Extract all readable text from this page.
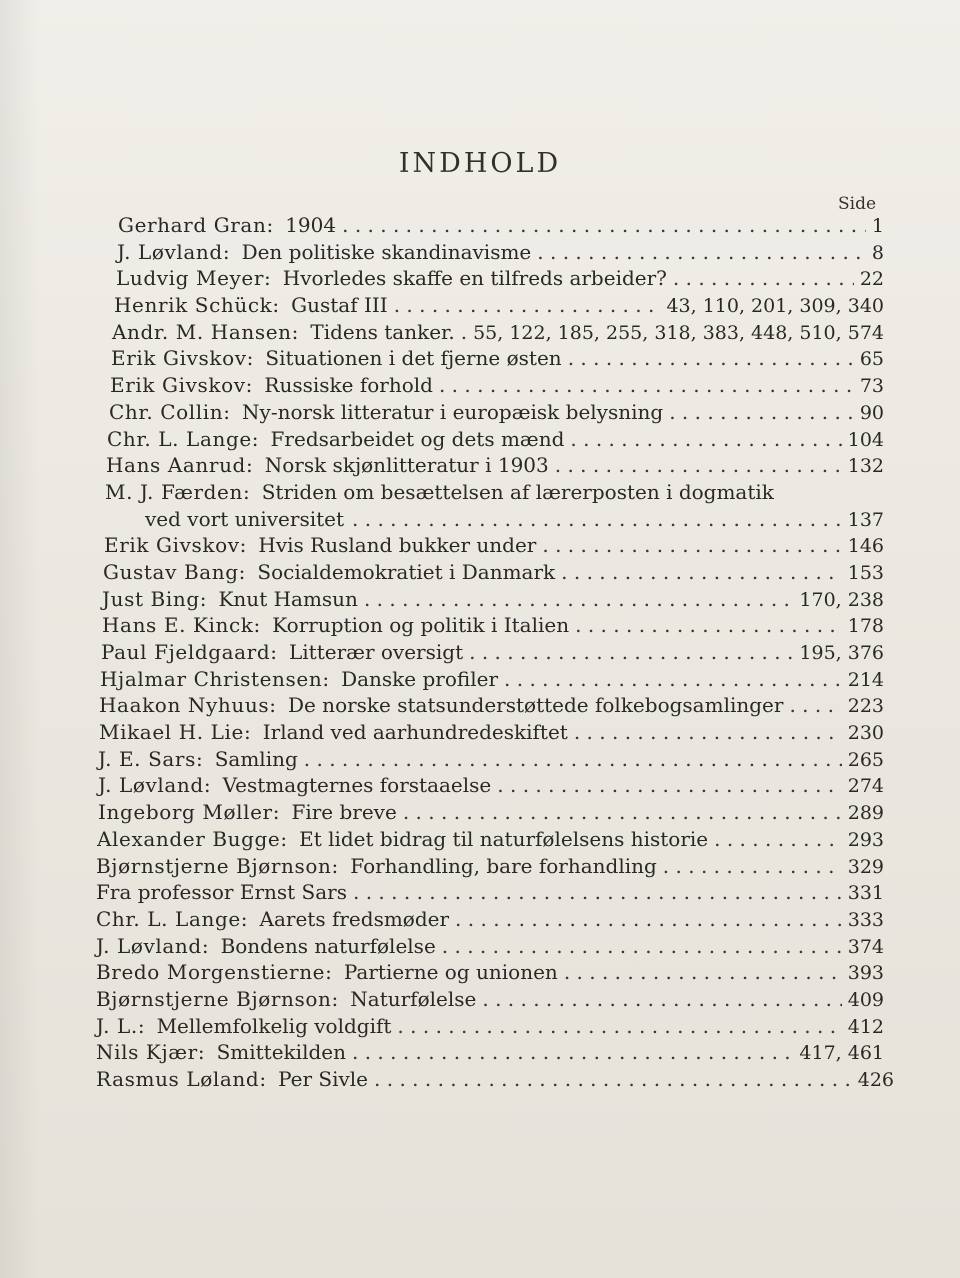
INDHOLD
Side
Gerhard Gran: 1904 . . .	1
J. Løvland: Den politiske skandinavisme . . .	8
Ludvig Meyer: Hvorledes skaffe en tilfreds arbeider? . . .	22
Henrik Schück: Gustaf III . . .	43, 110, 201, 309, 340
Andr. M. Hansen: Tidens tanker. . . . 55, 122, 185, 255, 318, 383, 448, 510, 574
Erik Givskov: Situationen i det fjerne østen . . .	65
Erik Givskov: Russiske forhold . . .	73
Chr. Collin: Ny-norsk litteratur i europæisk belysning . . .	90
Chr. L. Lange: Fredsarbeidet og dets mænd . . .	104
Hans Aanrud: Norsk skjønlitteratur i 1903 . . .	132
M. J. Færden: Striden om besættelsen af lærerposten i dogmatik
ved vort universitet . . .	137
Erik Givskov: Hvis Rusland bukker under . . .	146
Gustav Bang: Socialdemokratiet i Danmark . . .	153
Just Bing: Knut Hamsun . . .	170, 238
Hans E. Kinck: Korruption og politik i Italien . . .	178
Paul Fjeldgaard: Litterær oversigt . . .	195, 376
Hjalmar Christensen: Danske profiler . . .	214
Haakon Nyhuus: De norske statsunderstøttede folkebogsamlinger . . .	223
Mikael H. Lie: Irland ved aarhundredeskiftet . . .	230
J. E. Sars: Samling . . .	265
J. Løvland: Vestmagternes forstaaelse . . .	274
Ingeborg Møller: Fire breve . . .	289
Alexander Bugge: Et lidet bidrag til naturfølelsens historie . . .	293
Bjørnstjerne Bjørnson: Forhandling, bare forhandling . . .	329
Fra professor Ernst Sars . . .	331
Chr. L. Lange: Aarets fredsmøder . . .	333
J. Løvland: Bondens naturfølelse . . .	374
Bredo Morgenstierne: Partierne og unionen . . .	393
Bjørnstjerne Bjørnson: Naturfølelse . . .	409
J. L.: Mellemfolkelig voldgift . . .	412
Nils Kjær: Smittekilden . . .	417, 461
Rasmus Løland: Per Sivle . . .	426
